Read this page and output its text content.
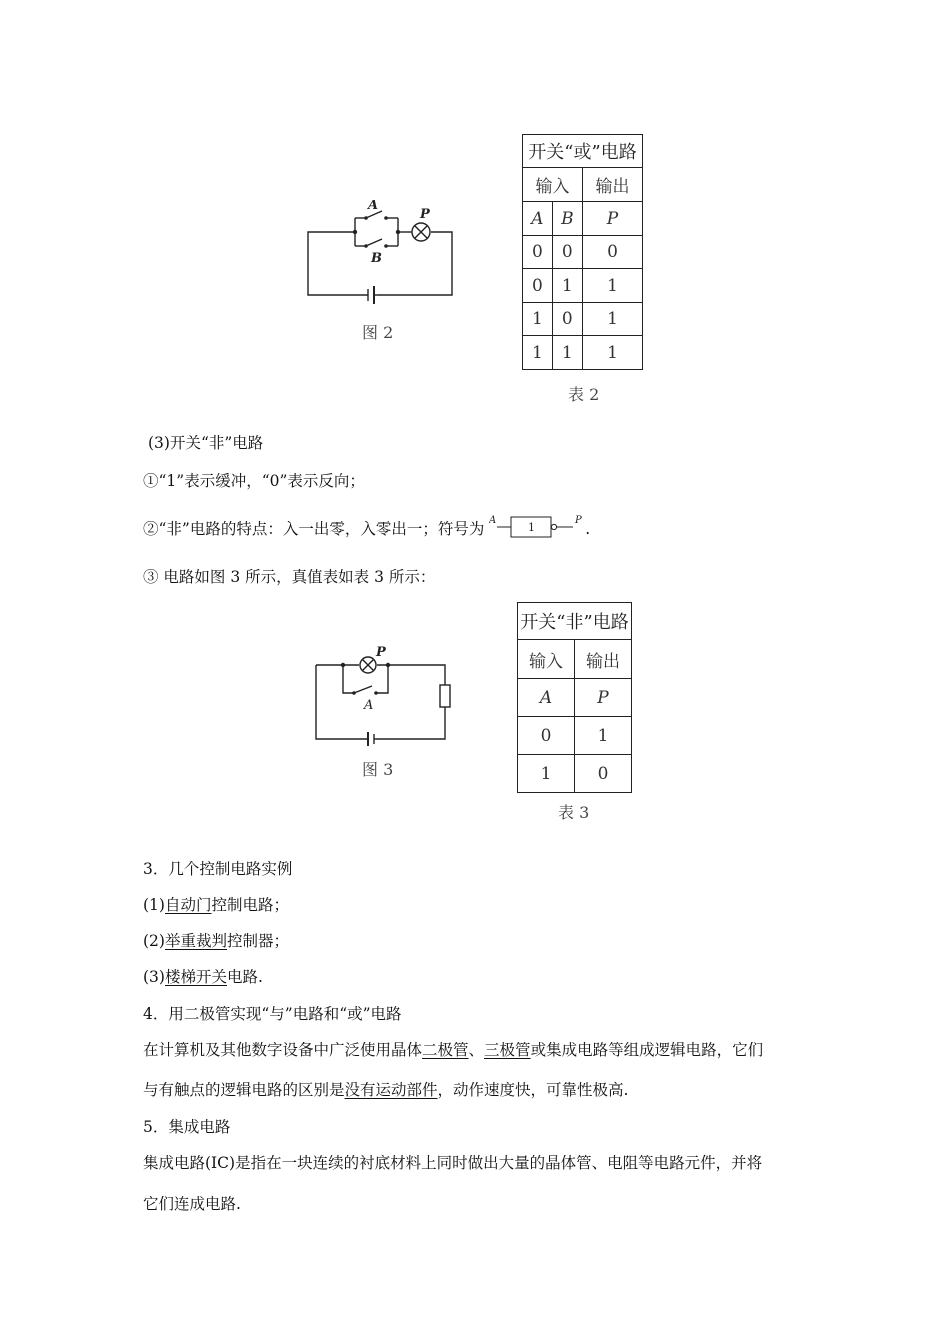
A
B
P
图 2
开关“或”电路		
输入		输出
A	B	P
0	0	0
0	1	1
1	0	1
1	1	1
表 2
(3)开关“非”电路
①“1”表示缓冲，“0”表示反向；
②“非”电路的特点：入一出零，入零出一；符号为 A
1
P .
③ 电路如图 3 所示，真值表如表 3 所示：
P
A
图 3
开关“非”电路	
输入	输出
A	P
0	1
1	0
表 3
3．几个控制电路实例
(1)自动门控制电路；
(2)举重裁判控制器；
(3)楼梯开关电路.
4．用二极管实现“与”电路和“或”电路
在计算机及其他数字设备中广泛使用晶体二极管、三极管或集成电路等组成逻辑电路，它们
与有触点的逻辑电路的区别是没有运动部件，动作速度快，可靠性极高.
5．集成电路
集成电路(IC)是指在一块连续的衬底材料上同时做出大量的晶体管、电阻等电路元件，并将
它们连成电路.
